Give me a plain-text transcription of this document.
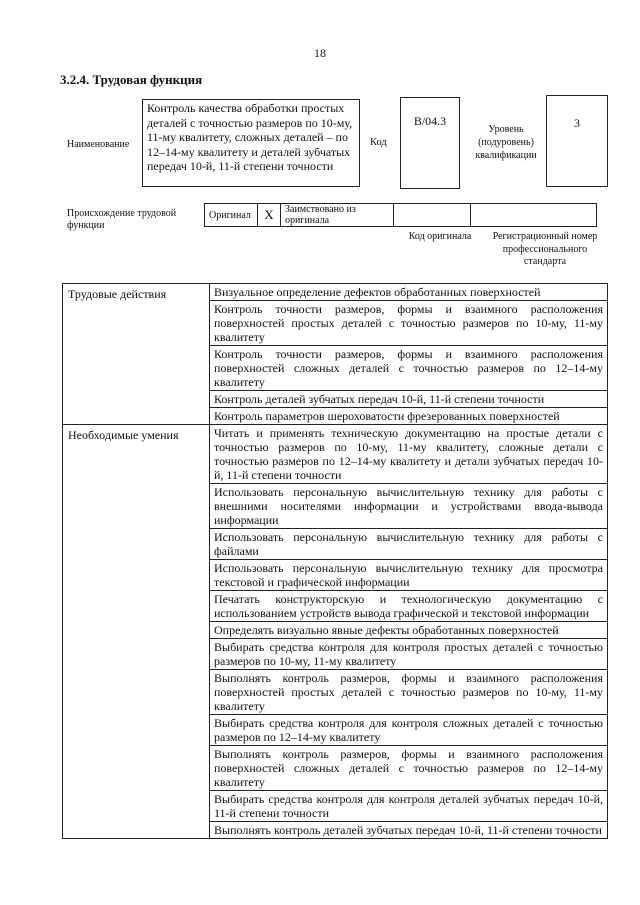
18
3.2.4. Трудовая функция
Наименование
Контроль качества обработки простых деталей с точностью размеров по 10-му, 11-му квалитету, сложных деталей – по 12–14-му квалитету и деталей зубчатых передач 10-й, 11-й степени точности
Код
В/04.3
Уровень (подуровень) квалификации
3
Происхождение трудовой функции
Оригинал	Х	Заимствовано из оригинала		
Код оригинала	Регистрационный номер профессионального стандарта
Трудовые действия	Визуальное определение дефектов обработанных поверхностей
	Контроль точности размеров, формы и взаимного расположения поверхностей простых деталей с точностью размеров по 10-му, 11-му квалитету
	Контроль точности размеров, формы и взаимного расположения поверхностей сложных деталей с точностью размеров по 12–14-му квалитету
	Контроль деталей зубчатых передач 10-й, 11-й степени точности
	Контроль параметров шероховатости фрезерованных поверхностей
Необходимые умения	Читать и применять техническую документацию на простые детали с точностью размеров по 10-му, 11-му квалитету, сложные детали с точностью размеров по 12–14-му квалитету и детали зубчатых передач 10-й, 11-й степени точности
	Использовать персональную вычислительную технику для работы с внешними носителями информации и устройствами ввода-вывода информации
	Использовать персональную вычислительную технику для работы с файлами
	Использовать персональную вычислительную технику для просмотра текстовой и графической информации
	Печатать конструкторскую и технологическую документацию с использованием устройств вывода графической и текстовой информации
	Определять визуально явные дефекты обработанных поверхностей
	Выбирать средства контроля для контроля простых деталей с точностью размеров по 10-му, 11-му квалитету
	Выполнять контроль размеров, формы и взаимного расположения поверхностей простых деталей с точностью размеров по 10-му, 11-му квалитету
	Выбирать средства контроля для контроля сложных деталей с точностью размеров по 12–14-му квалитету
	Выполнять контроль размеров, формы и взаимного расположения поверхностей сложных деталей с точностью размеров по 12–14-му квалитету
	Выбирать средства контроля для контроля деталей зубчатых передач 10-й, 11-й степени точности
	Выполнять контроль деталей зубчатых передач 10-й, 11-й степени точности
